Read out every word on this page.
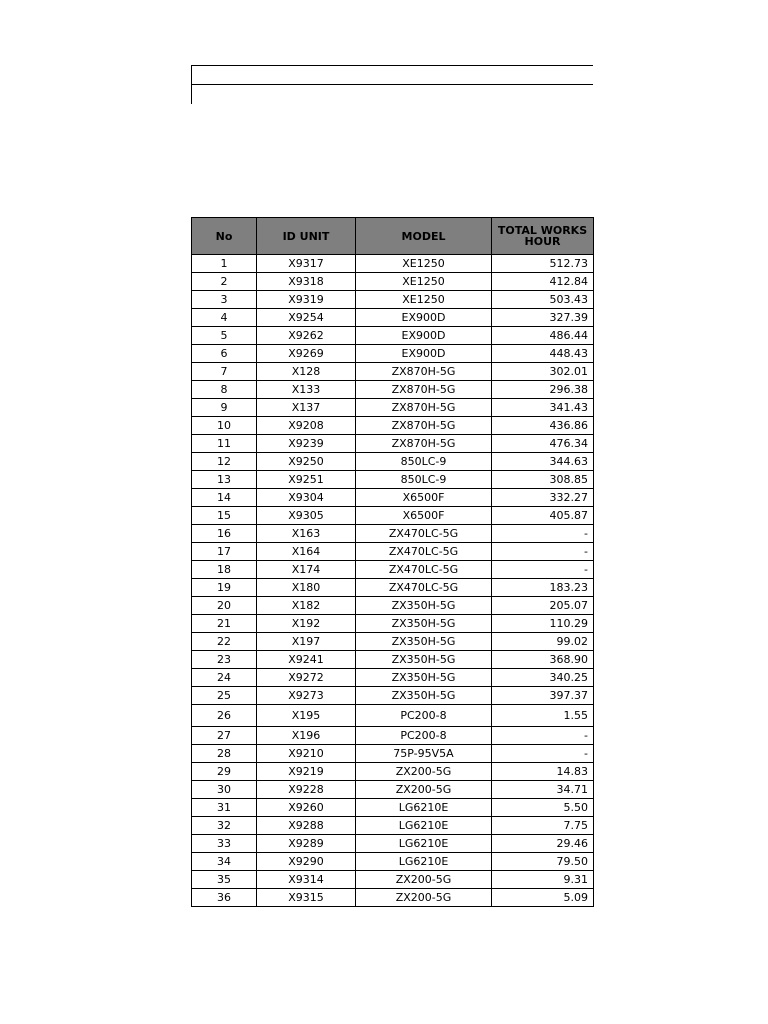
No	ID UNIT	MODEL	TOTAL WORKS HOUR
1	X9317	XE1250	512.73
2	X9318	XE1250	412.84
3	X9319	XE1250	503.43
4	X9254	EX900D	327.39
5	X9262	EX900D	486.44
6	X9269	EX900D	448.43
7	X128	ZX870H-5G	302.01
8	X133	ZX870H-5G	296.38
9	X137	ZX870H-5G	341.43
10	X9208	ZX870H-5G	436.86
11	X9239	ZX870H-5G	476.34
12	X9250	850LC-9	344.63
13	X9251	850LC-9	308.85
14	X9304	X6500F	332.27
15	X9305	X6500F	405.87
16	X163	ZX470LC-5G	-
17	X164	ZX470LC-5G	-
18	X174	ZX470LC-5G	-
19	X180	ZX470LC-5G	183.23
20	X182	ZX350H-5G	205.07
21	X192	ZX350H-5G	110.29
22	X197	ZX350H-5G	99.02
23	X9241	ZX350H-5G	368.90
24	X9272	ZX350H-5G	340.25
25	X9273	ZX350H-5G	397.37
26	X195	PC200-8	1.55
27	X196	PC200-8	-
28	X9210	75P-95V5A	-
29	X9219	ZX200-5G	14.83
30	X9228	ZX200-5G	34.71
31	X9260	LG6210E	5.50
32	X9288	LG6210E	7.75
33	X9289	LG6210E	29.46
34	X9290	LG6210E	79.50
35	X9314	ZX200-5G	9.31
36	X9315	ZX200-5G	5.09
